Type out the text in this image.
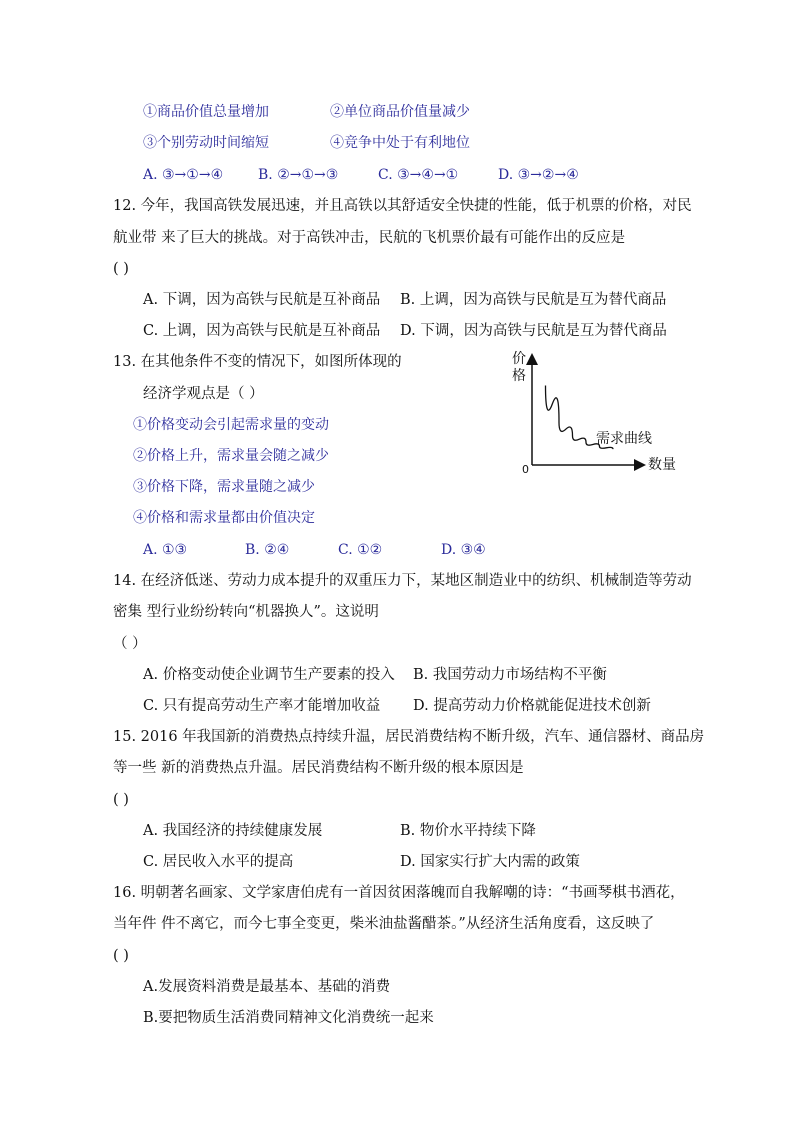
①商品价值总量增加	②单位商品价值量减少
③个别劳动时间缩短	④竞争中处于有利地位
A. ③→①→④ B. ②→①→③	C. ③→④→①	D. ③→②→④
12. 今年，我国高铁发展迅速，并且高铁以其舒适安全快捷的性能，低于机票的价格，对民
航业带 来了巨大的挑战。对于高铁冲击，民航的飞机票价最有可能作出的反应是
( )
A. 下调，因为高铁与民航是互补商品 B. 上调，因为高铁与民航是互为替代商品
C. 上调，因为高铁与民航是互补商品 D. 下调，因为高铁与民航是互为替代商品
13. 在其他条件不变的情况下，如图所体现的
经济学观点是（ ）
①价格变动会引起需求量的变动
②价格上升，需求量会随之减少
③价格下降，需求量随之减少
④价格和需求量都由价值决定
A. ①③	B. ②④	C. ①②	D. ③④
价
格
数量
0
需求曲线
14. 在经济低迷、劳动力成本提升的双重压力下，某地区制造业中的纺织、机械制造等劳动
密集 型行业纷纷转向“机器换人”。这说明
（ ）
A. 价格变动使企业调节生产要素的投入 B. 我国劳动力市场结构不平衡
C. 只有提高劳动生产率才能增加收益 D. 提高劳动力价格就能促进技术创新
15. 2016 年我国新的消费热点持续升温，居民消费结构不断升级，汽车、通信器材、商品房
等一些 新的消费热点升温。居民消费结构不断升级的根本原因是
( )
A. 我国经济的持续健康发展	B. 物价水平持续下降
C. 居民收入水平的提高	D. 国家实行扩大内需的政策
16. 明朝著名画家、文学家唐伯虎有一首因贫困落魄而自我解嘲的诗：“书画琴棋书酒花，
当年件 件不离它，而今七事全变更，柴米油盐酱醋茶。”从经济生活角度看，这反映了
( )
A.发展资料消费是最基本、基础的消费
B.要把物质生活消费同精神文化消费统一起来
